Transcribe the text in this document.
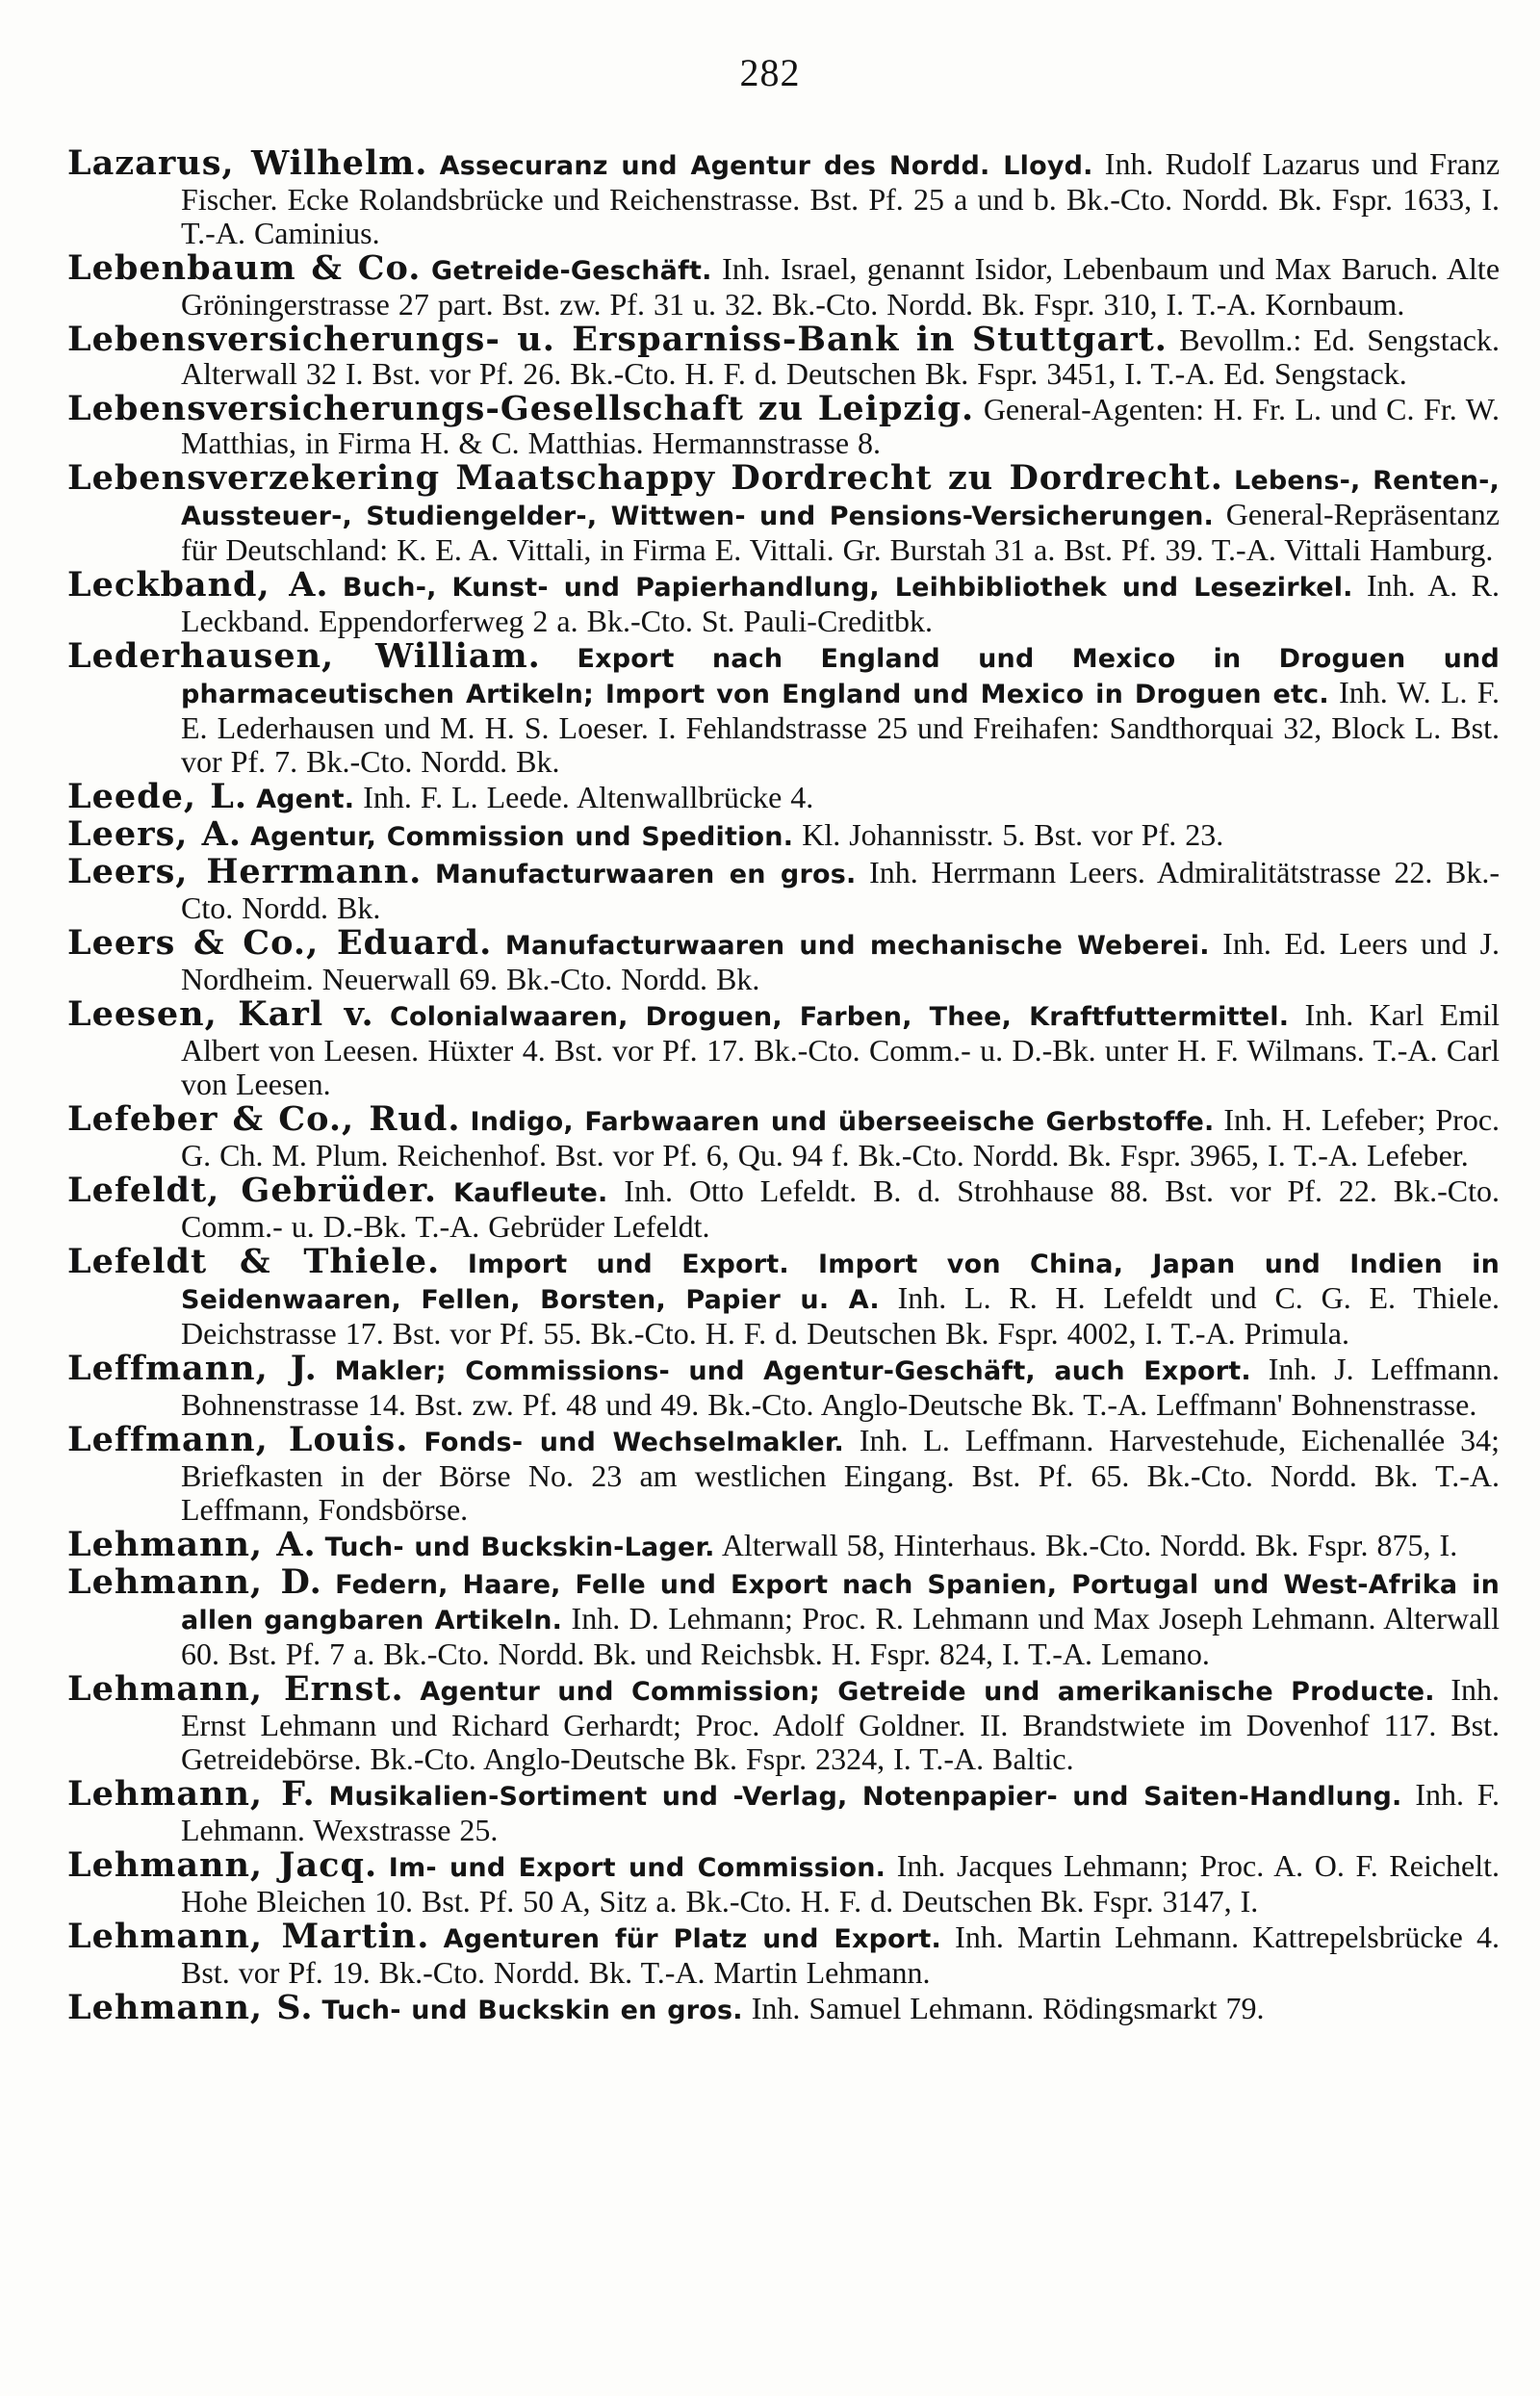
282

Lazarus, Wilhelm. Assecuranz und Agentur des Nordd. Lloyd. Inh. Rudolf Lazarus und Franz Fischer. Ecke Rolandsbrücke und Reichenstrasse. Bst. Pf. 25 a und b. Bk.-Cto. Nordd. Bk. Fspr. 1633, I. T.-A. Caminius.

Lebenbaum & Co. Getreide-Geschäft. Inh. Israel, genannt Isidor, Lebenbaum und Max Baruch. Alte Gröningerstrasse 27 part. Bst. zw. Pf. 31 u. 32. Bk.-Cto. Nordd. Bk. Fspr. 310, I. T.-A. Kornbaum.

Lebensversicherungs- u. Ersparniss-Bank in Stuttgart. Bevollm.: Ed. Sengstack. Alterwall 32 I. Bst. vor Pf. 26. Bk.-Cto. H. F. d. Deutschen Bk. Fspr. 3451, I. T.-A. Ed. Sengstack.

Lebensversicherungs-Gesellschaft zu Leipzig. General-Agenten: H. Fr. L. und C. Fr. W. Matthias, in Firma H. & C. Matthias. Hermannstrasse 8.

Lebensverzekering Maatschappy Dordrecht zu Dordrecht. Lebens-, Renten-, Aussteuer-, Studiengelder-, Wittwen- und Pensions-Versicherungen. General-Repräsentanz für Deutschland: K. E. A. Vittali, in Firma E. Vittali. Gr. Burstah 31 a. Bst. Pf. 39. T.-A. Vittali Hamburg.

Leckband, A. Buch-, Kunst- und Papierhandlung, Leihbibliothek und Lesezirkel. Inh. A. R. Leckband. Eppendorferweg 2 a. Bk.-Cto. St. Pauli-Creditbk.

Lederhausen, William. Export nach England und Mexico in Droguen und pharmaceutischen Artikeln; Import von England und Mexico in Droguen etc. Inh. W. L. F. E. Lederhausen und M. H. S. Loeser. I. Fehlandstrasse 25 und Freihafen: Sandthorquai 32, Block L. Bst. vor Pf. 7. Bk.-Cto. Nordd. Bk.

Leede, L. Agent. Inh. F. L. Leede. Altenwallbrücke 4.

Leers, A. Agentur, Commission und Spedition. Kl. Johannisstr. 5. Bst. vor Pf. 23.

Leers, Herrmann. Manufacturwaaren en gros. Inh. Herrmann Leers. Admiralitätstrasse 22. Bk.-Cto. Nordd. Bk.

Leers & Co., Eduard. Manufacturwaaren und mechanische Weberei. Inh. Ed. Leers und J. Nordheim. Neuerwall 69. Bk.-Cto. Nordd. Bk.

Leesen, Karl v. Colonialwaaren, Droguen, Farben, Thee, Kraftfuttermittel. Inh. Karl Emil Albert von Leesen. Hüxter 4. Bst. vor Pf. 17. Bk.-Cto. Comm.- u. D.-Bk. unter H. F. Wilmans. T.-A. Carl von Leesen.

Lefeber & Co., Rud. Indigo, Farbwaaren und überseeische Gerbstoffe. Inh. H. Lefeber; Proc. G. Ch. M. Plum. Reichenhof. Bst. vor Pf. 6, Qu. 94 f. Bk.-Cto. Nordd. Bk. Fspr. 3965, I. T.-A. Lefeber.

Lefeldt, Gebrüder. Kaufleute. Inh. Otto Lefeldt. B. d. Strohhause 88. Bst. vor Pf. 22. Bk.-Cto. Comm.- u. D.-Bk. T.-A. Gebrüder Lefeldt.

Lefeldt & Thiele. Import und Export. Import von China, Japan und Indien in Seidenwaaren, Fellen, Borsten, Papier u. A. Inh. L. R. H. Lefeldt und C. G. E. Thiele. Deichstrasse 17. Bst. vor Pf. 55. Bk.-Cto. H. F. d. Deutschen Bk. Fspr. 4002, I. T.-A. Primula.

Leffmann, J. Makler; Commissions- und Agentur-Geschäft, auch Export. Inh. J. Leffmann. Bohnenstrasse 14. Bst. zw. Pf. 48 und 49. Bk.-Cto. Anglo-Deutsche Bk. T.-A. Leffmann' Bohnenstrasse.

Leffmann, Louis. Fonds- und Wechselmakler. Inh. L. Leffmann. Harvestehude, Eichenallée 34; Briefkasten in der Börse No. 23 am westlichen Eingang. Bst. Pf. 65. Bk.-Cto. Nordd. Bk. T.-A. Leffmann, Fondsbörse.

Lehmann, A. Tuch- und Buckskin-Lager. Alterwall 58, Hinterhaus. Bk.-Cto. Nordd. Bk. Fspr. 875, I.

Lehmann, D. Federn, Haare, Felle und Export nach Spanien, Portugal und West-Afrika in allen gangbaren Artikeln. Inh. D. Lehmann; Proc. R. Lehmann und Max Joseph Lehmann. Alterwall 60. Bst. Pf. 7 a. Bk.-Cto. Nordd. Bk. und Reichsbk. H. Fspr. 824, I. T.-A. Lemano.

Lehmann, Ernst. Agentur und Commission; Getreide und amerikanische Producte. Inh. Ernst Lehmann und Richard Gerhardt; Proc. Adolf Goldner. II. Brandstwiete im Dovenhof 117. Bst. Getreidebörse. Bk.-Cto. Anglo-Deutsche Bk. Fspr. 2324, I. T.-A. Baltic.

Lehmann, F. Musikalien-Sortiment und -Verlag, Notenpapier- und Saiten-Handlung. Inh. F. Lehmann. Wexstrasse 25.

Lehmann, Jacq. Im- und Export und Commission. Inh. Jacques Lehmann; Proc. A. O. F. Reichelt. Hohe Bleichen 10. Bst. Pf. 50 A, Sitz a. Bk.-Cto. H. F. d. Deutschen Bk. Fspr. 3147, I.

Lehmann, Martin. Agenturen für Platz und Export. Inh. Martin Lehmann. Kattrepelsbrücke 4. Bst. vor Pf. 19. Bk.-Cto. Nordd. Bk. T.-A. Martin Lehmann.

Lehmann, S. Tuch- und Buckskin en gros. Inh. Samuel Lehmann. Rödingsmarkt 79.
